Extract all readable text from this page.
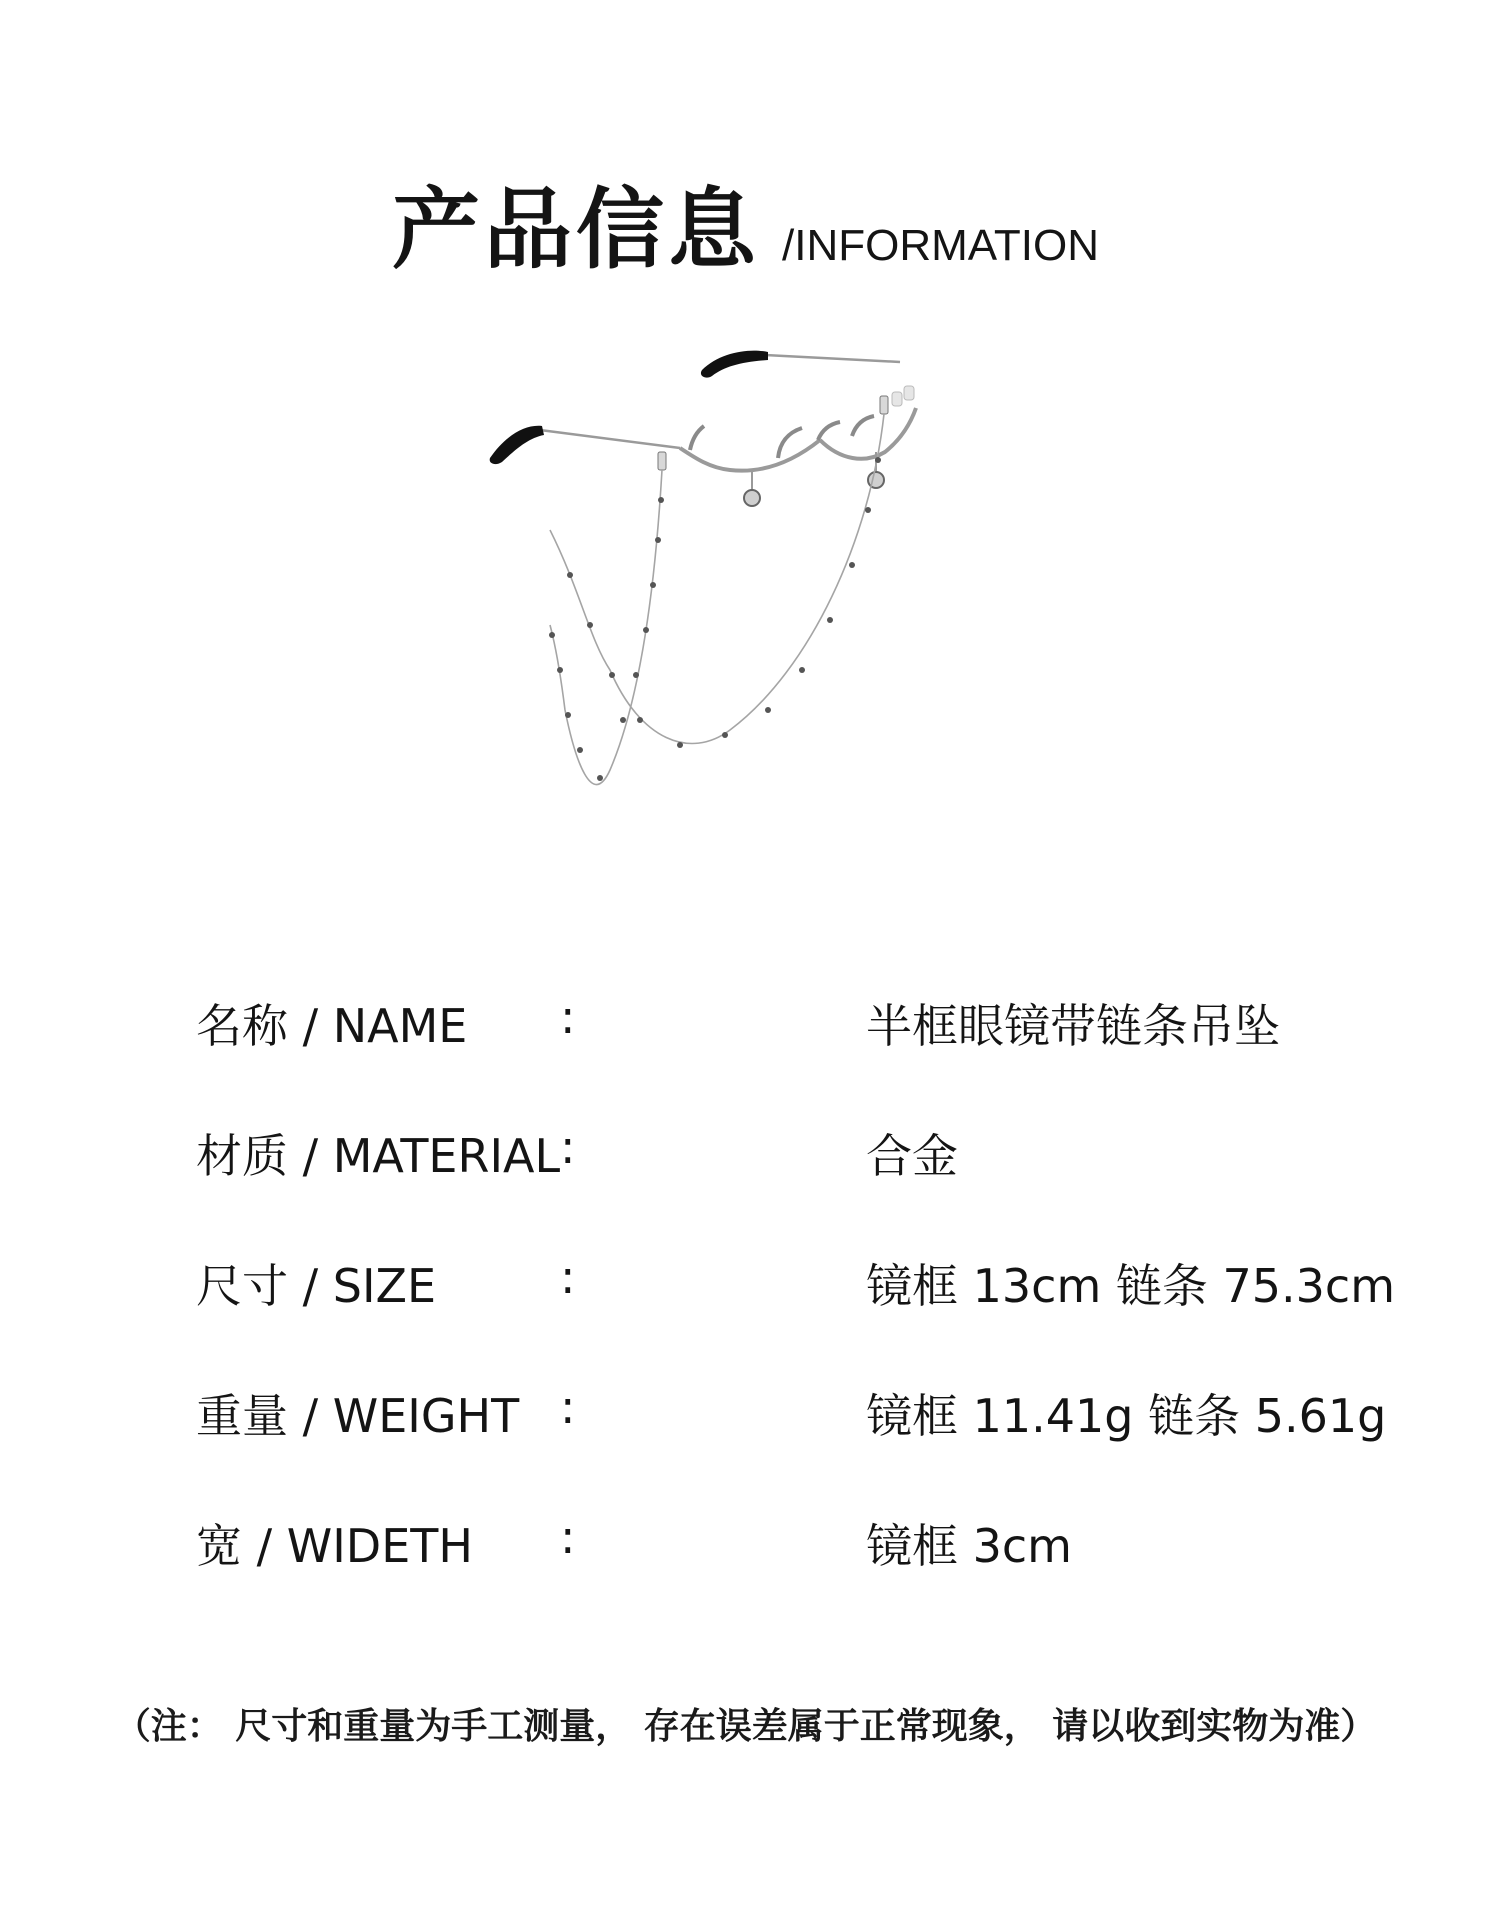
产品信息 /INFORMATION
名称 / NAME :	半框眼镜带链条吊坠
材质 / MATERIAL :	合金
尺寸 / SIZE	:	镜框 13cm 链条 75.3cm
重量 / WEIGHT :	镜框 11.41g 链条 5.61g
宽 / WIDETH :	镜框 3cm
（注： 尺寸和重量为手工测量， 存在误差属于正常现象， 请以收到实物为准）
